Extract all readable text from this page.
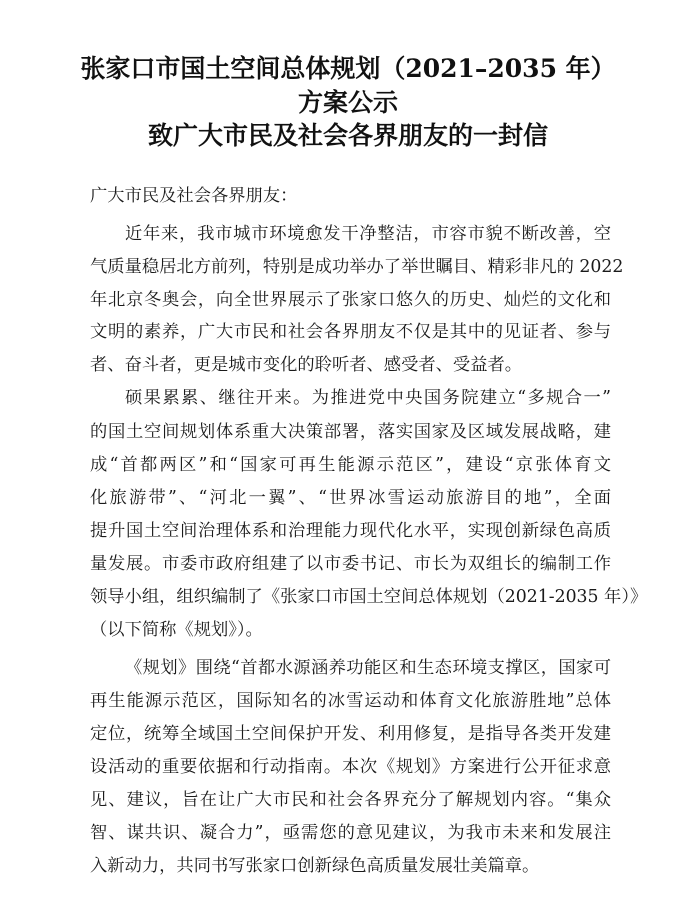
张家口市国土空间总体规划（2021–2035 年）
方案公示
致广大市民及社会各界朋友的一封信
广大市民及社会各界朋友：
近年来，我市城市环境愈发干净整洁，市容市貌不断改善，空
气质量稳居北方前列，特别是成功举办了举世瞩目、精彩非凡的 2022
年北京冬奥会，向全世界展示了张家口悠久的历史、灿烂的文化和
文明的素养，广大市民和社会各界朋友不仅是其中的见证者、参与
者、奋斗者，更是城市变化的聆听者、感受者、受益者。
硕果累累、继往开来。为推进党中央国务院建立“多规合一”
的国土空间规划体系重大决策部署，落实国家及区域发展战略，建
成“首都两区”和“国家可再生能源示范区”，建设“京张体育文
化旅游带”、“河北一翼”、“世界冰雪运动旅游目的地”，全面
提升国土空间治理体系和治理能力现代化水平，实现创新绿色高质
量发展。市委市政府组建了以市委书记、市长为双组长的编制工作
领导小组，组织编制了《张家口市国土空间总体规划（2021-2035 年）》
（以下简称《规划》）。
《规划》围绕“首都水源涵养功能区和生态环境支撑区，国家可
再生能源示范区，国际知名的冰雪运动和体育文化旅游胜地”总体
定位，统筹全域国土空间保护开发、利用修复，是指导各类开发建
设活动的重要依据和行动指南。本次《规划》方案进行公开征求意
见、建议，旨在让广大市民和社会各界充分了解规划内容。“集众
智、谋共识、凝合力”，亟需您的意见建议，为我市未来和发展注
入新动力，共同书写张家口创新绿色高质量发展壮美篇章。
